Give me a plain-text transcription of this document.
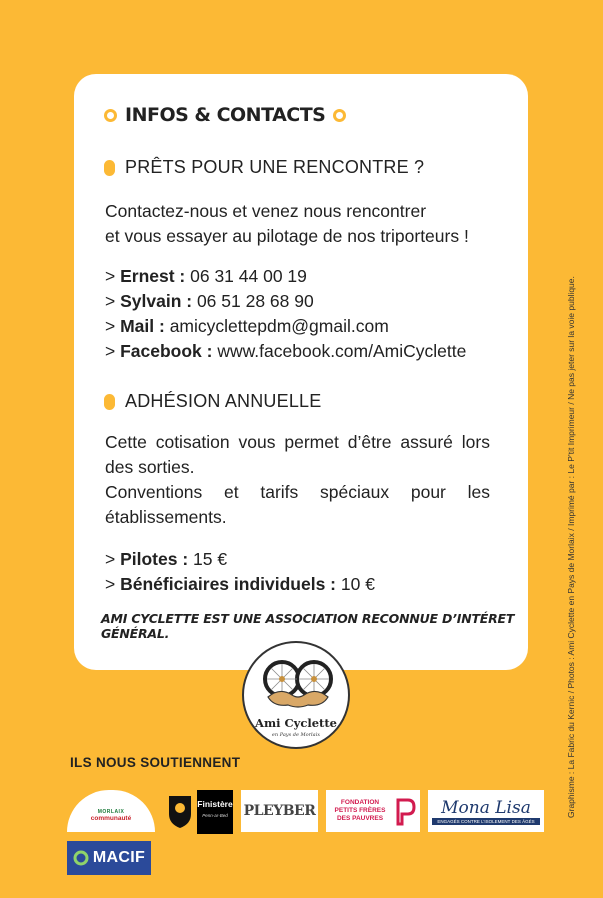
INFOS & CONTACTS
PRÊTS POUR UNE RENCONTRE ?
Contactez-nous et venez nous rencontrer
et vous essayer au pilotage de nos triporteurs !
> Ernest : 06 31 44 00 19
> Sylvain : 06 51 28 68 90
> Mail : amicyclettepdm@gmail.com
> Facebook : www.facebook.com/AmiCyclette
ADHÉSION ANNUELLE

Cette cotisation vous permet d’être assuré lors des sorties.

Conventions et tarifs spéciaux pour les établissements.

> Pilotes : 15 €
> Bénéficiaires individuels : 10 €
AMI CYCLETTE EST UNE ASSOCIATION RECONNUE D’INTÉRET GÉNÉRAL.
Ami Cyclette
en Pays de Morlaix	Graphisme : La Fabric du Kernic / Photos : Ami Cyclette en Pays de Morlaix / Imprimé par : Le P’tit Imprimeur / Ne pas jeter sur la voie publique.
ILS NOUS SOUTIENNENT
MORLAIX
communauté
Finistère
Penn-ar-Bed PLEYBER
FONDATION
PETITS FRÈRES
DES PAUVRES
Mona Lisa
ENGAGÉS CONTRE L’ISOLEMENT DES ÂGÉS
MACIF
